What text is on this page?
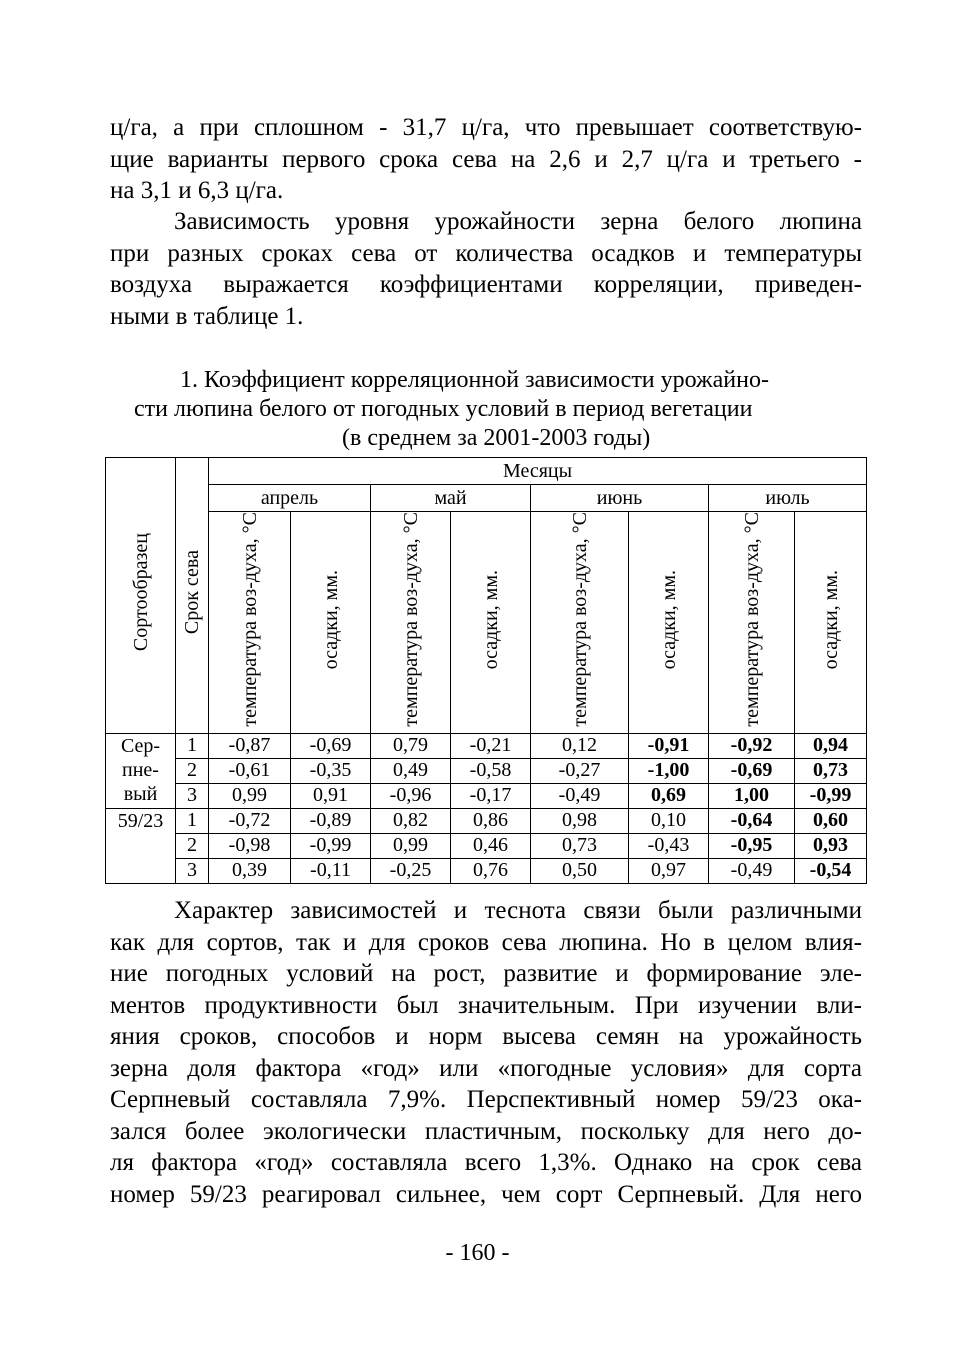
ц/га, а при сплошном - 31,7 ц/га, что превышает соответствую-
щие варианты первого срока сева на 2,6 и 2,7 ц/га и третьего -
на 3,1 и 6,3 ц/га.
Зависимость уровня урожайности зерна белого люпина
при разных сроках сева от количества осадков и температуры
воздуха выражается коэффициентами корреляции, приведен-
ными в таблице 1.
1. Коэффициент корреляционной зависимости урожайно-
сти люпина белого от погодных условий в период вегетации
(в среднем за 2001-2003 годы)
Сортообразец	Срок сева	Месяцы							
		апрель		май		июнь		июль	
		температура воз-духа, °С	осадки, мм.	температура воз-духа, °С	осадки, мм.	температура воз-духа, °С	осадки, мм.	температура воз-духа, °С	осадки, мм.
Сер-пне-вый	1	-0,87	-0,69	0,79	-0,21	0,12	-0,91	-0,92	0,94
	2	-0,61	-0,35	0,49	-0,58	-0,27	-1,00	-0,69	0,73
	3	0,99	0,91	-0,96	-0,17	-0,49	0,69	1,00	-0,99
59/23	1	-0,72	-0,89	0,82	0,86	0,98	0,10	-0,64	0,60
	2	-0,98	-0,99	0,99	0,46	0,73	-0,43	-0,95	0,93
	3	0,39	-0,11	-0,25	0,76	0,50	0,97	-0,49	-0,54
- 160 -
Характер зависимостей и теснота связи были различными
как для сортов, так и для сроков сева люпина. Но в целом влия-
ние погодных условий на рост, развитие и формирование эле-
ментов продуктивности был значительным. При изучении вли-
яния сроков, способов и норм высева семян на урожайность
зерна доля фактора «год» или «погодные условия» для сорта
Серпневый составляла 7,9%. Перспективный номер 59/23 ока-
зался более экологически пластичным, поскольку для него до-
ля фактора «год» составляла всего 1,3%. Однако на срок сева
номер 59/23 реагировал сильнее, чем сорт Серпневый. Для него
